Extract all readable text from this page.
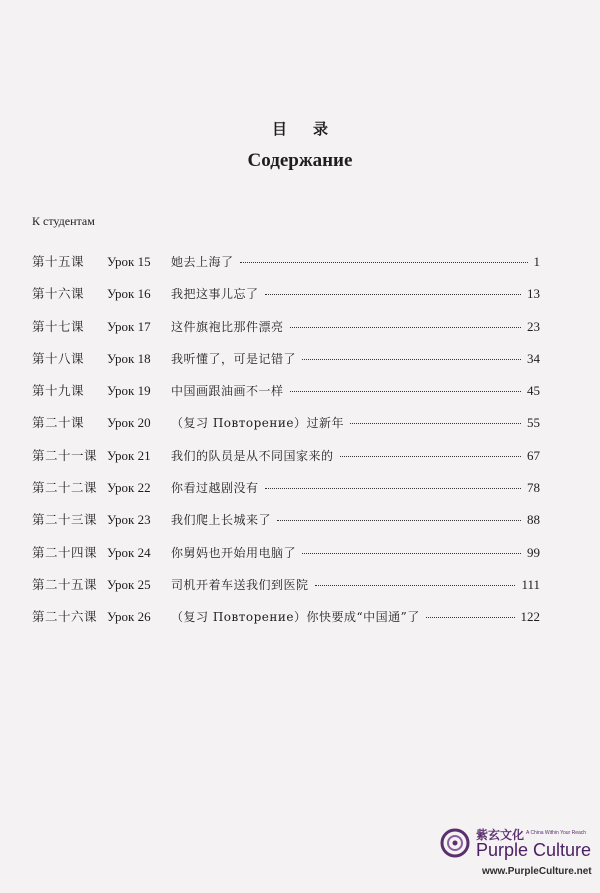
目录
Содержание
К студентам
第十五课	Урок 15	她去上海了	1
第十六课	Урок 16	我把这事儿忘了	13
第十七课	Урок 17	这件旗袍比那件漂亮	23
第十八课	Урок 18	我听懂了，可是记错了	34
第十九课	Урок 19	中国画跟油画不一样	45
第二十课	Урок 20	（复习 Повторение）过新年	55
第二十一课 Урок 21	我们的队员是从不同国家来的	67
第二十二课 Урок 22	你看过越剧没有	78
第二十三课 Урок 23	我们爬上长城来了	88
第二十四课 Урок 24	你舅妈也开始用电脑了	99
第二十五课 Урок 25	司机开着车送我们到医院	111
第二十六课 Урок 26	（复习 Повторение）你快要成“中国通”了	122
紫玄文化 A China Within Your Reach
Purple Culture
www.PurpleCulture.net
